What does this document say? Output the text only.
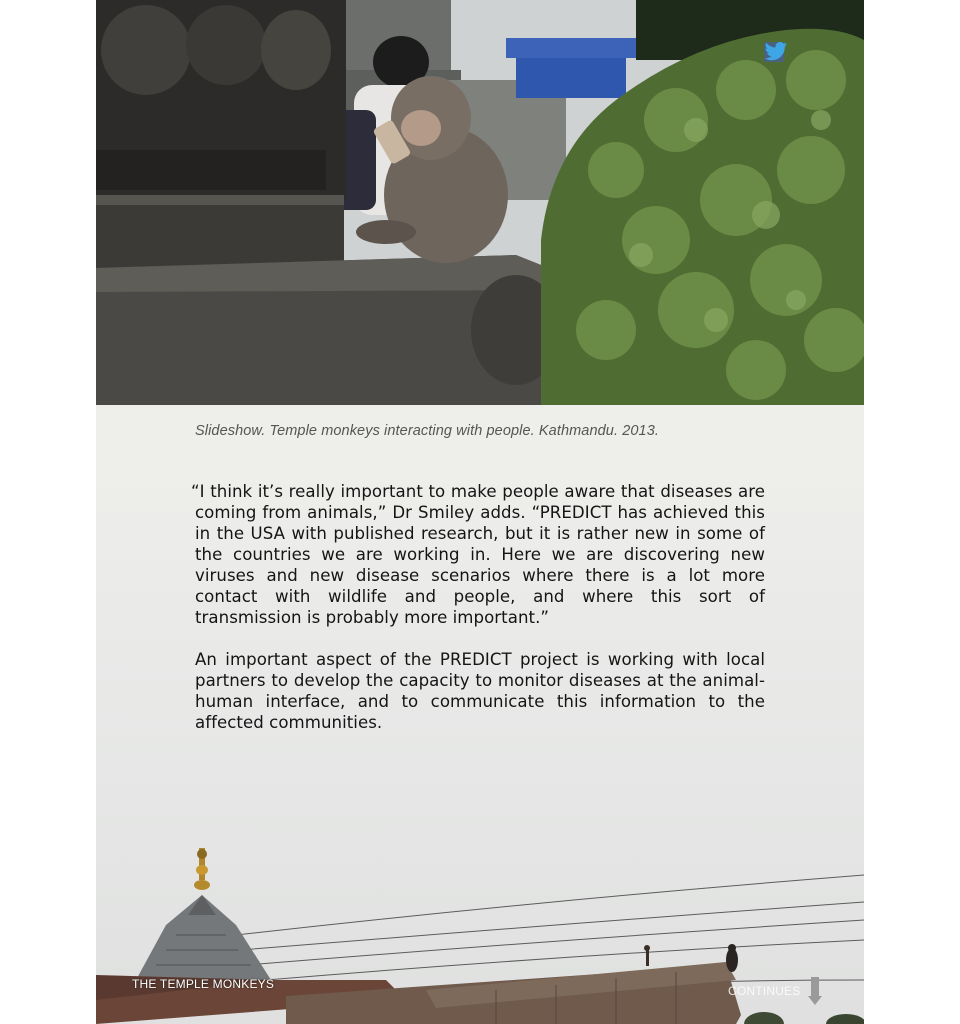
Slideshow. Temple monkeys interacting with people. Kathmandu. 2013.

“I think it’s really important to make people aware that diseases are coming from animals,” Dr Smiley adds. “PREDICT has achieved this in the USA with published research, but it is rather new in some of the countries we are working in. Here we are discovering new viruses and new disease scenarios where there is a lot more contact with wildlife and people, and where this sort of transmission is probably more important.”

An important aspect of the PREDICT project is working with local partners to develop the capacity to monitor diseases at the animal-human interface, and to communicate this information to the affected communities.

THE TEMPLE MONKEYS	CONTINUES
